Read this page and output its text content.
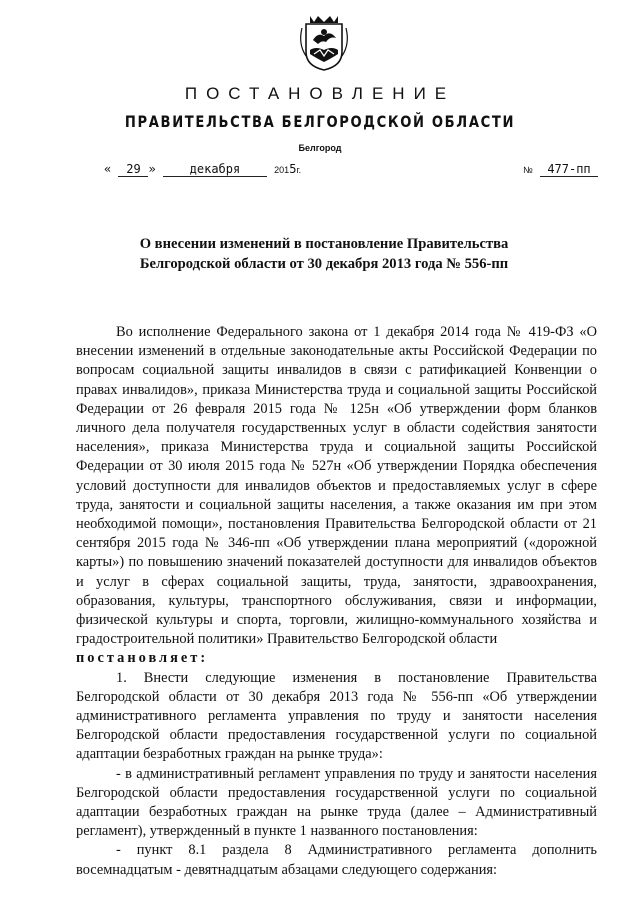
ПОСТАНОВЛЕНИЕ
ПРАВИТЕЛЬСТВА БЕЛГОРОДСКОЙ ОБЛАСТИ
Белгород
« 29 »	декабря	2015г.	№ 477-пп
О внесении изменений в постановление Правительства
Белгородской области от 30 декабря 2013 года № 556-пп

Во исполнение Федерального закона от 1 декабря 2014 года № 419-ФЗ «О внесении изменений в отдельные законодательные акты Российской Федерации по вопросам социальной защиты инвалидов в связи с ратификацией Конвенции о правах инвалидов», приказа Министерства труда и социальной защиты Российской Федерации от 26 февраля 2015 года № 125н «Об утверждении форм бланков личного дела получателя государственных услуг в области содействия занятости населения», приказа Министерства труда и социальной защиты Российской Федерации от 30 июля 2015 года № 527н «Об утверждении Порядка обеспечения условий доступности для инвалидов объектов и предоставляемых услуг в сфере труда, занятости и социальной защиты населения, а также оказания им при этом необходимой помощи», постановления Правительства Белгородской области от 21 сентября 2015 года № 346-пп «Об утверждении плана мероприятий («дорожной карты») по повышению значений показателей доступности для инвалидов объектов и услуг в сферах социальной защиты, труда, занятости, здравоохранения, образования, культуры, транспортного обслуживания, связи и информации, физической культуры и спорта, торговли, жилищно-коммунального хозяйства и градостроительной политики» Правительство Белгородской области

постановляет:

1. Внести следующие изменения в постановление Правительства Белгородской области от 30 декабря 2013 года № 556-пп «Об утверждении административного регламента управления по труду и занятости населения Белгородской области предоставления государственной услуги по социальной адаптации безработных граждан на рынке труда»:

- в административный регламент управления по труду и занятости населения Белгородской области предоставления государственной услуги по социальной адаптации безработных граждан на рынке труда (далее – Административный регламент), утвержденный в пункте 1 названного постановления:

- пункт 8.1 раздела 8 Административного регламента дополнить восемнадцатым - девятнадцатым абзацами следующего содержания:
